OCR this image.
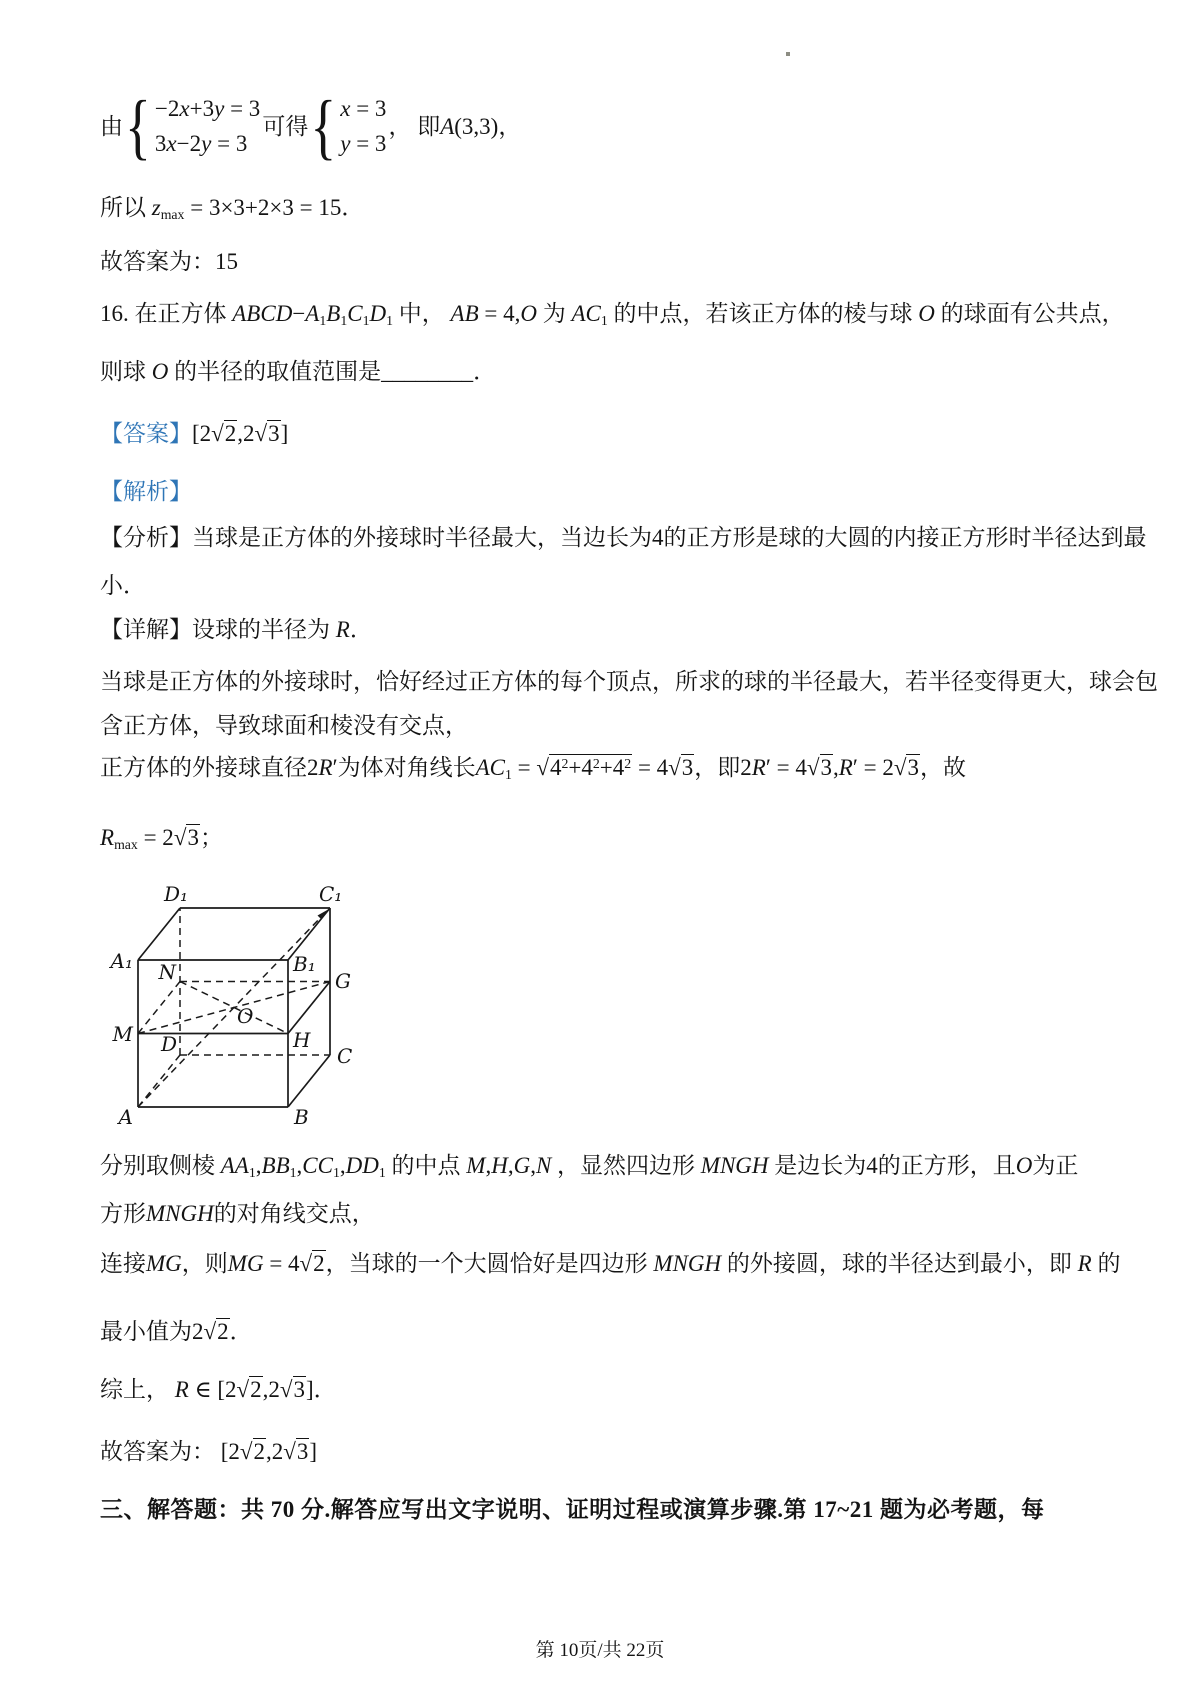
D₁	C₁
A₁	B₁
N	G
M
O
H
D	C
A	B
第 10页/共 22页
由 { −2x+3y = 3
3x−2y = 3
可得 { x = 3
y = 3
， 即 A (3,3) ，
所以 $z_{max} = 3\times 3+2\times 3 = 15$．
故答案为：15
16. 在正方体 $ABCD-A_1B_1C_1D_1$ 中， AB = 4,O 为 $AC_1$ 的中点，若该正方体的棱与球 O 的球面有公共点，
则球 O 的半径的取值范围是________．
【答案】[2√2,2√3]
【解析】
【分析】当球是正方体的外接球时半径最大，当边长为4的正方形是球的大圆的内接正方形时半径达到最
小．
【详解】设球的半径为 R．
当球是正方体的外接球时，恰好经过正方体的每个顶点，所求的球的半径最大，若半径变得更大，球会包
含正方体，导致球面和棱没有交点，
正方体的外接球直径2R′为体对角线长$AC_1 = √4^2+4^2+4^2 = 4√3$，即2R′ = 4√3,R′ = 2√3，故
$R_{max} = 2√3$；
分别取侧棱 $AA_1,BB_1,CC_1,DD_1$ 的中点 M,H,G,N ，显然四边形 MNGH 是边长为4的正方形，且O为正
方形MNGH的对角线交点，
连接MG，则MG = 4√2，当球的一个大圆恰好是四边形 MNGH 的外接圆，球的半径达到最小，即 R 的
最小值为2√2．
综上， R ∈ [2√2,2√3]．
故答案为： [2√2,2√3]
三、解答题：共 70 分.解答应写出文字说明、证明过程或演算步骤.第 17~21 题为必考题，每
